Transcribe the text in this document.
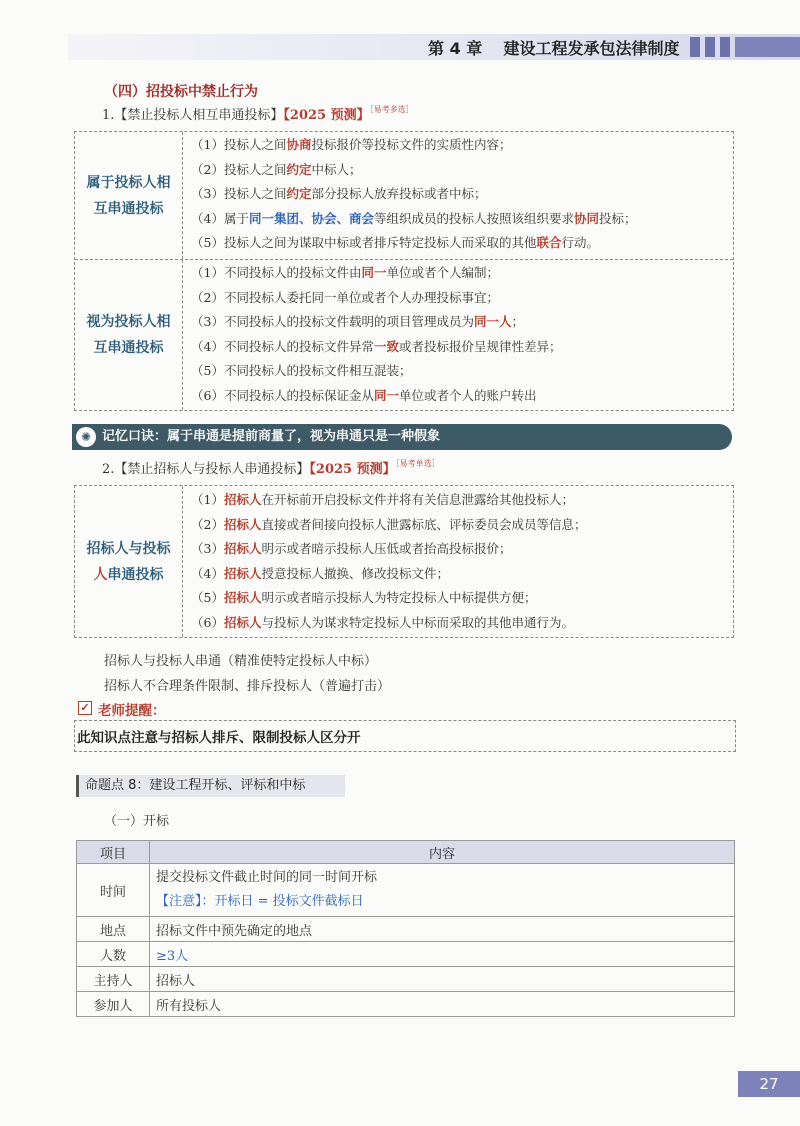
第 4 章 建设工程发承包法律制度
（四）招投标中禁止行为
1.【禁止投标人相互串通投标】【2025 预测】$^{[易考多选]}$
属于投标人相
互串通投标
（1）投标人之间协商投标报价等投标文件的实质性内容；
（2）投标人之间约定中标人；
（3）投标人之间约定部分投标人放弃投标或者中标；
（4）属于同一集团、协会、商会等组织成员的投标人按照该组织要求协同投标；
（5）投标人之间为谋取中标或者排斥特定投标人而采取的其他联合行动。
视为投标人相
互串通投标
（1）不同投标人的投标文件由同一单位或者个人编制；
（2）不同投标人委托同一单位或者个人办理投标事宜；
（3）不同投标人的投标文件载明的项目管理成员为同一人；
（4）不同投标人的投标文件异常一致或者投标报价呈规律性差异；
（5）不同投标人的投标文件相互混装；
（6）不同投标人的投标保证金从同一单位或者个人的账户转出
✺ 记忆口诀：属于串通是提前商量了，视为串通只是一种假象
2.【禁止招标人与投标人串通投标】【2025 预测】$^{[易考单选]}$
招标人与投标
人串通投标
（1）招标人在开标前开启投标文件并将有关信息泄露给其他投标人；
（2）招标人直接或者间接向投标人泄露标底、评标委员会成员等信息；
（3）招标人明示或者暗示投标人压低或者抬高投标报价；
（4）招标人授意投标人撤换、修改投标文件；
（5）招标人明示或者暗示投标人为特定投标人中标提供方便；
（6）招标人与投标人为谋求特定投标人中标而采取的其他串通行为。
招标人与投标人串通（精准使特定投标人中标）
招标人不合理条件限制、排斥投标人（普遍打击）
✓ 老师提醒：
此知识点注意与招标人排斥、限制投标人区分开
命题点 8：建设工程开标、评标和中标
（一）开标
项目	内容
时间	提交投标文件截止时间的同一时间开标
【注意】：开标日 = 投标文件截标日

地点	招标文件中预先确定的地点
人数	≥3人
主持人	招标人
参加人	所有投标人
27
